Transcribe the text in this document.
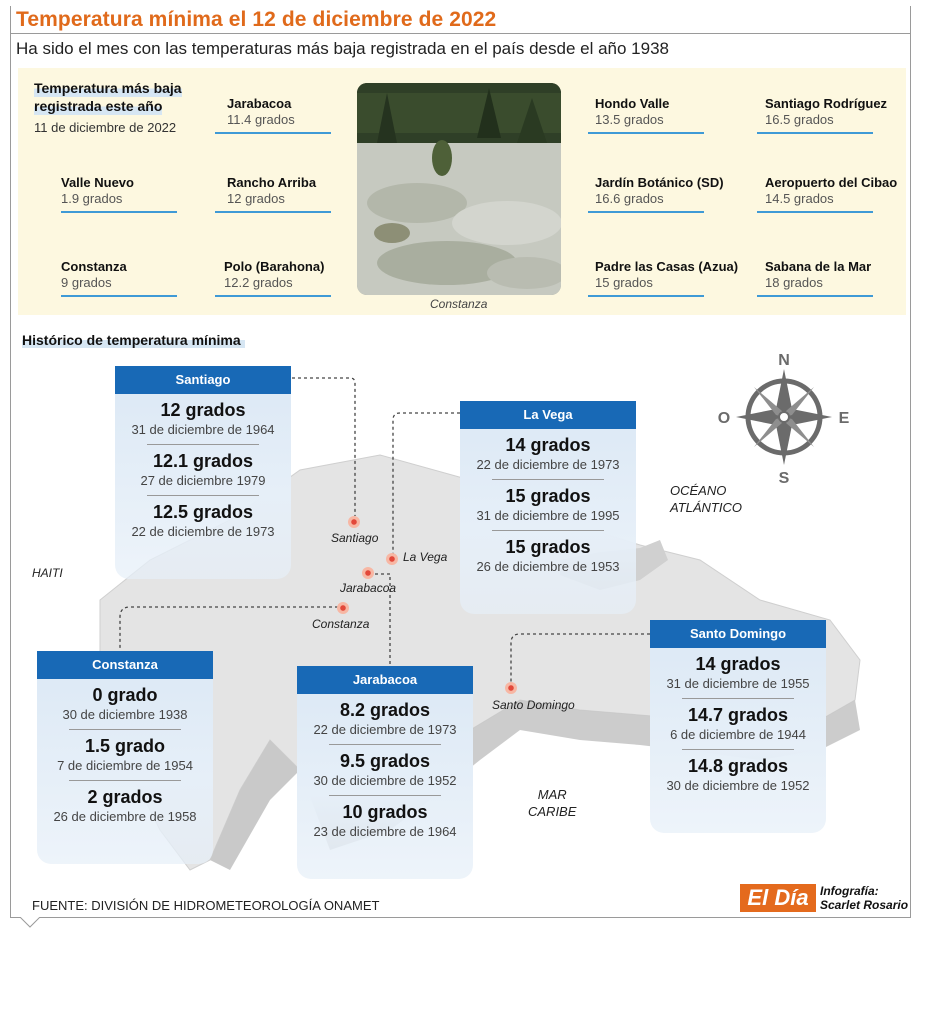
Temperatura mínima el 12 de diciembre de 2022
Ha sido el mes con las temperaturas más baja registrada en el país desde el año 1938
Temperatura más baja
registrada este año
11 de diciembre de 2022
Jarabacoa
11.4 grados
Valle Nuevo
1.9 grados
Rancho Arriba
12 grados
Constanza
9 grados
Polo (Barahona)
12.2 grados
Hondo Valle
13.5 grados
Santiago Rodríguez
16.5 grados
Jardín Botánico (SD)
16.6 grados
Aeropuerto del Cibao
14.5 grados
Padre las Casas (Azua)
15 grados
Sabana de la Mar
18 grados
Constanza
Histórico de temperatura mínima
Santiago
La Vega
Jarabacoa
Constanza
Santo Domingo
HAITI
OCÉANO
ATLÁNTICO
MAR
CARIBE
N
S
O	E
Santiago
12 grados
31 de diciembre de 1964
12.1 grados
27 de diciembre 1979
12.5 grados
22 de diciembre de 1973
La Vega
14 grados
22 de diciembre de 1973
15 grados
31 de diciembre de 1995
15 grados
26 de diciembre de 1953
Constanza
0 grado
30 de diciembre 1938
1.5 grado
7 de diciembre de 1954
2 grados
26 de diciembre de 1958
Jarabacoa
8.2 grados
22 de diciembre de 1973
9.5 grados
30 de diciembre de 1952
10 grados
23 de diciembre de 1964
Santo Domingo
14 grados
31 de diciembre de 1955
14.7 grados
6 de diciembre de 1944
14.8 grados
30 de diciembre de 1952
FUENTE: DIVISIÓN DE HIDROMETEOROLOGÍA ONAMET	El Día Infografía:
Scarlet Rosario
